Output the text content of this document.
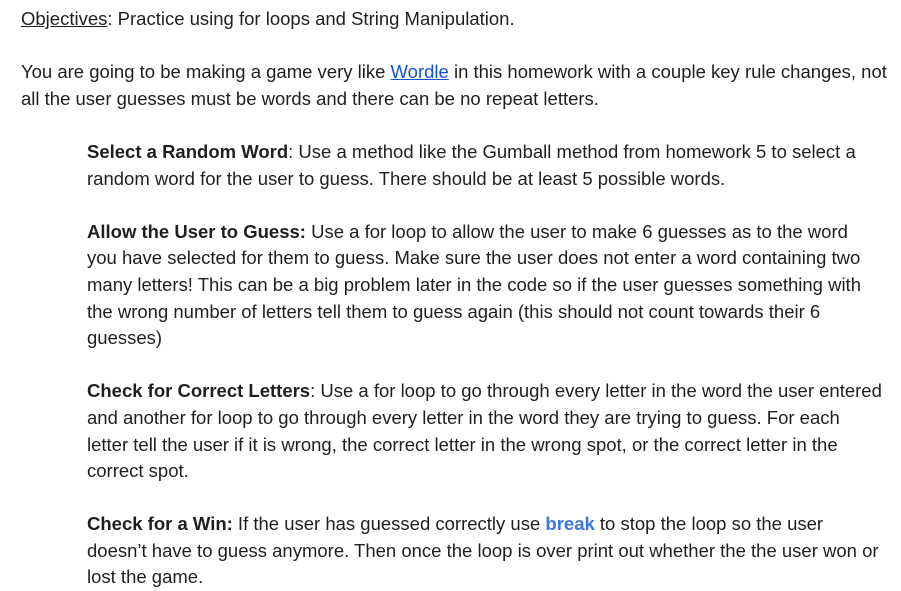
Objectives: Practice using for loops and String Manipulation.

You are going to be making a game very like Wordle in this homework with a couple key rule changes, not all the user guesses must be words and there can be no repeat letters.

Select a Random Word: Use a method like the Gumball method from homework 5 to select a random word for the user to guess. There should be at least 5 possible words.

Allow the User to Guess: Use a for loop to allow the user to make 6 guesses as to the word you have selected for them to guess. Make sure the user does not enter a word containing two many letters! This can be a big problem later in the code so if the user guesses something with the wrong number of letters tell them to guess again (this should not count towards their 6 guesses)

Check for Correct Letters: Use a for loop to go through every letter in the word the user entered and another for loop to go through every letter in the word they are trying to guess. For each letter tell the user if it is wrong, the correct letter in the wrong spot, or the correct letter in the correct spot.

Check for a Win: If the user has guessed correctly use break to stop the loop so the user doesn’t have to guess anymore. Then once the loop is over print out whether the the user won or lost the game.
